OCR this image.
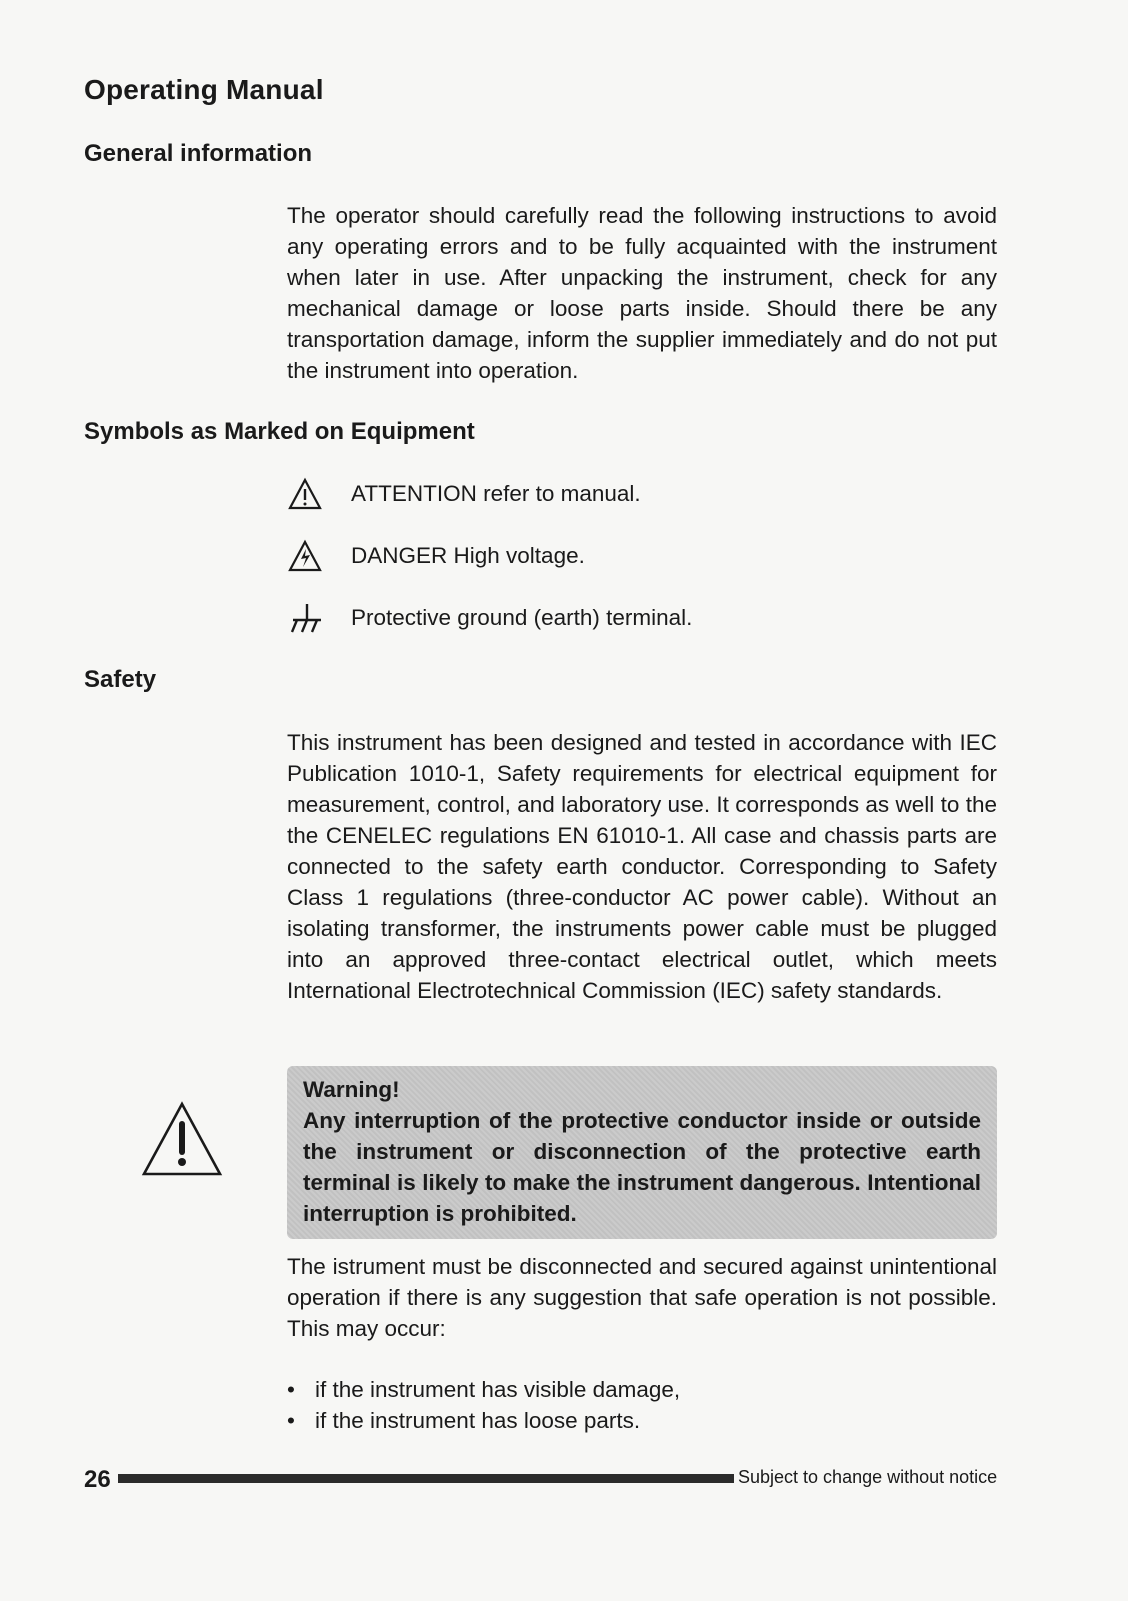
Operating Manual
General information
The operator should carefully read the following instructions to avoid any operating errors and to be fully acquainted with the instrument when later in use. After unpacking the instrument, check for any mechanical damage or loose parts inside. Should there be any transportation damage, inform the supplier immediately and do not put the instrument into operation.
Symbols as Marked on Equipment
ATTENTION refer to manual.
DANGER High voltage.
Protective ground (earth) terminal.
Safety
This instrument has been designed and tested in accordance with IEC Publication 1010-1, Safety requirements for electrical equipment for measurement, control, and laboratory use. It corresponds as well to the the CENELEC regulations EN 61010-1. All case and chassis parts are connected to the safety earth conductor. Corresponding to Safety Class 1 regulations (three-conductor AC power cable). Without an isolating transformer, the instruments power cable must be plugged into an approved three-contact electrical outlet, which meets International Electrotechnical Commission (IEC) safety standards.
Warning!
Any interruption of the protective conductor inside or outside the instrument or disconnection of the protective earth terminal is likely to make the instrument dangerous. Intentional interruption is prohibited.
The istrument must be disconnected and secured against unintentional operation if there is any suggestion that safe operation is not possible. This may occur:
• if the instrument has visible damage,
• if the instrument has loose parts.
26	Subject to change without notice
